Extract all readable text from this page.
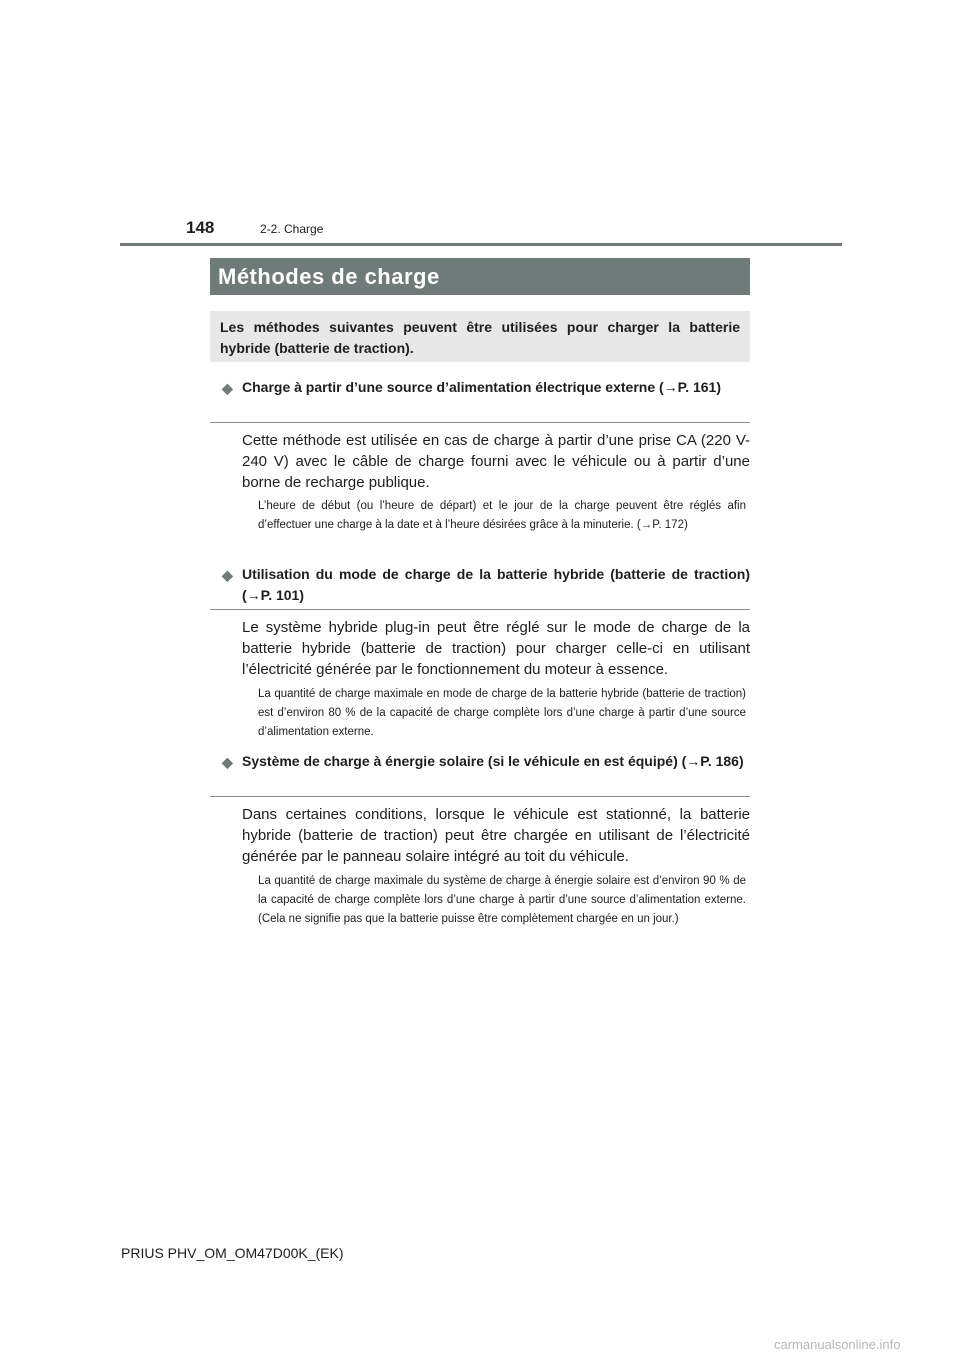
148	2-2. Charge
Méthodes de charge
Les méthodes suivantes peuvent être utilisées pour charger la batterie hybride (batterie de traction).
◆ Charge à partir d’une source d’alimentation électrique externe (→P. 161)

Cette méthode est utilisée en cas de charge à partir d’une prise CA (220 V-240 V) avec le câble de charge fourni avec le véhicule ou à partir d’une borne de recharge publique.

L’heure de début (ou l’heure de départ) et le jour de la charge peuvent être réglés afin d’effectuer une charge à la date et à l’heure désirées grâce à la minuterie. (→P. 172)

◆ Utilisation du mode de charge de la batterie hybride (batterie de traction) (→P. 101)

Le système hybride plug-in peut être réglé sur le mode de charge de la batterie hybride (batterie de traction) pour charger celle-ci en utilisant l’électricité générée par le fonctionnement du moteur à essence.

La quantité de charge maximale en mode de charge de la batterie hybride (batterie de traction) est d’environ 80 % de la capacité de charge complète lors d’une charge à partir d’une source d’alimentation externe.

◆ Système de charge à énergie solaire (si le véhicule en est équipé) (→P. 186)

Dans certaines conditions, lorsque le véhicule est stationné, la batterie hybride (batterie de traction) peut être chargée en utilisant de l’électricité générée par le panneau solaire intégré au toit du véhicule.

La quantité de charge maximale du système de charge à énergie solaire est d’environ 90 % de la capacité de charge complète lors d’une charge à partir d’une source d’alimentation externe. (Cela ne signifie pas que la batterie puisse être complètement chargée en un jour.)

PRIUS PHV_OM_OM47D00K_(EK)
carmanualsonline.info
